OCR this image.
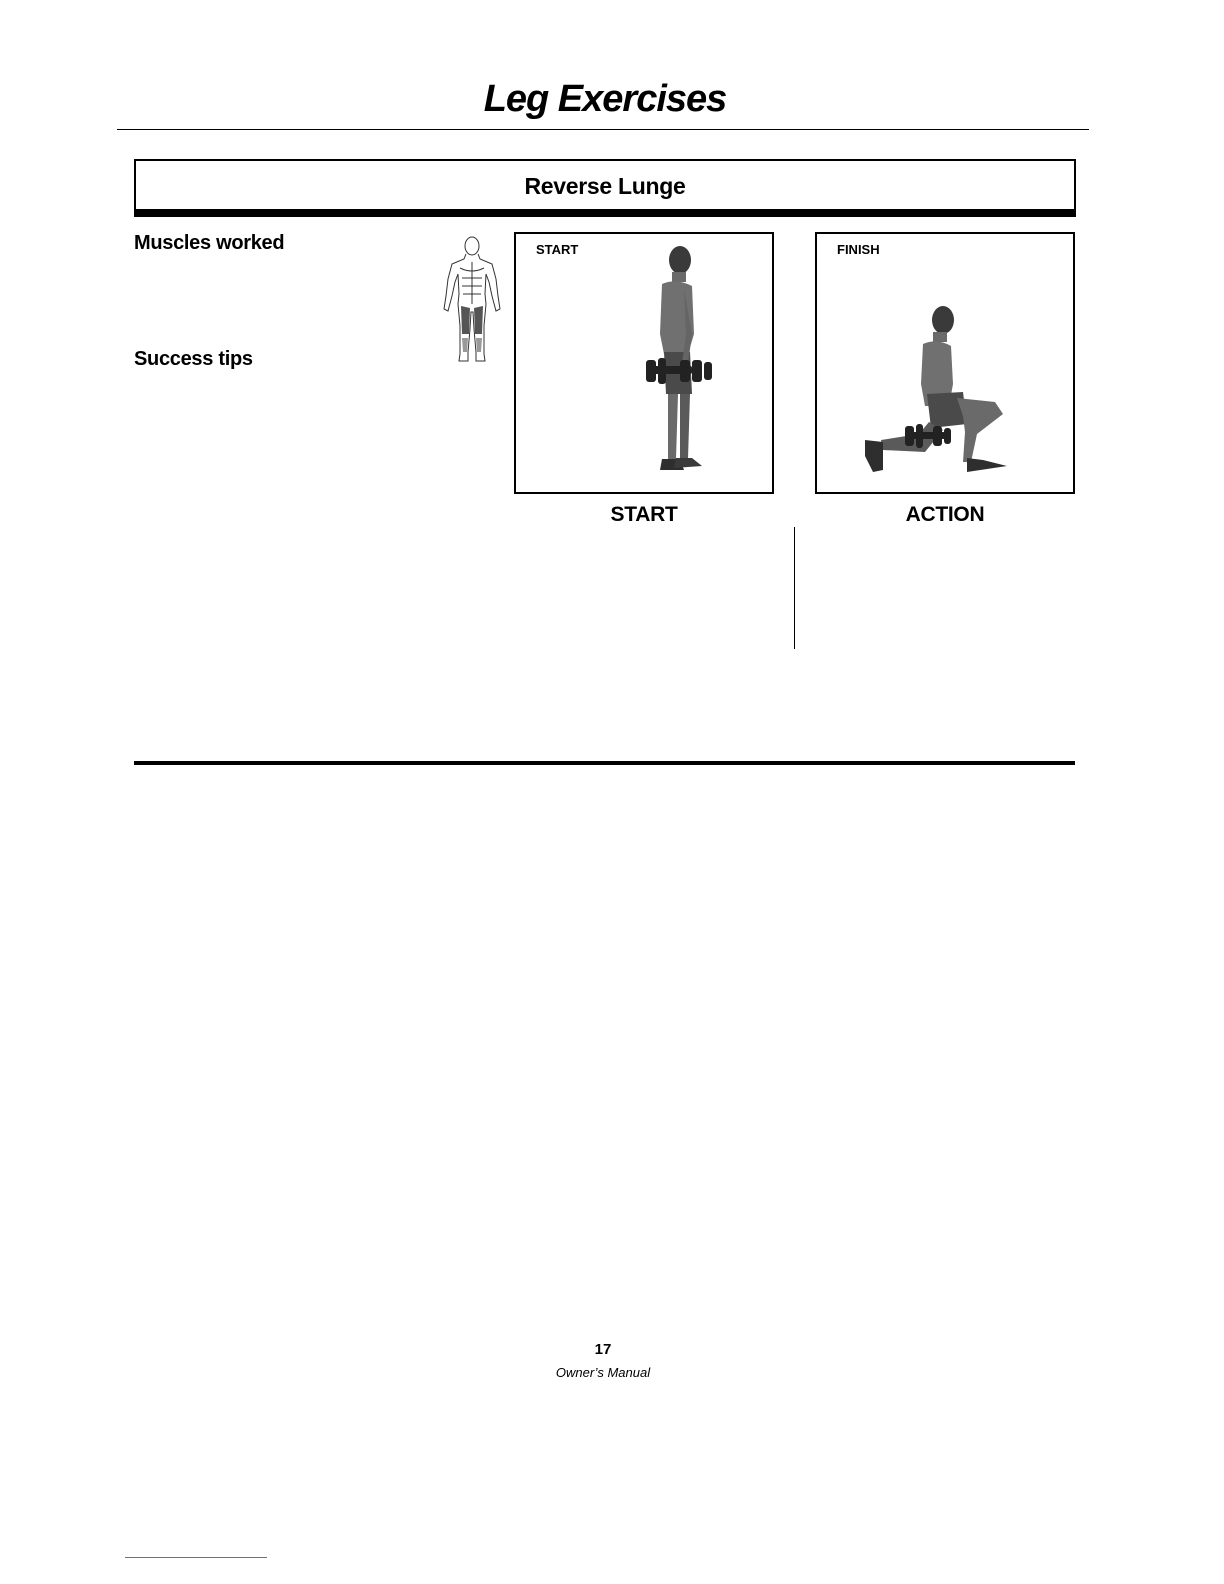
Leg Exercises
Reverse Lunge
Muscles worked
Success tips
START	FINISH
START	ACTION
17
Owner’s Manual
